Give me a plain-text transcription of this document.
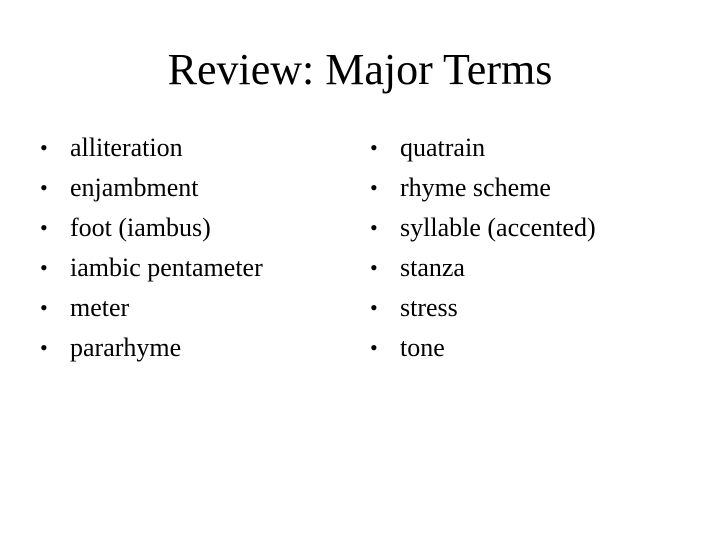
Review: Major Terms
• alliteration
• enjambment
• foot (iambus)
• iambic pentameter
• meter
• pararhyme
• quatrain
• rhyme scheme
• syllable (accented)
• stanza
• stress
• tone
